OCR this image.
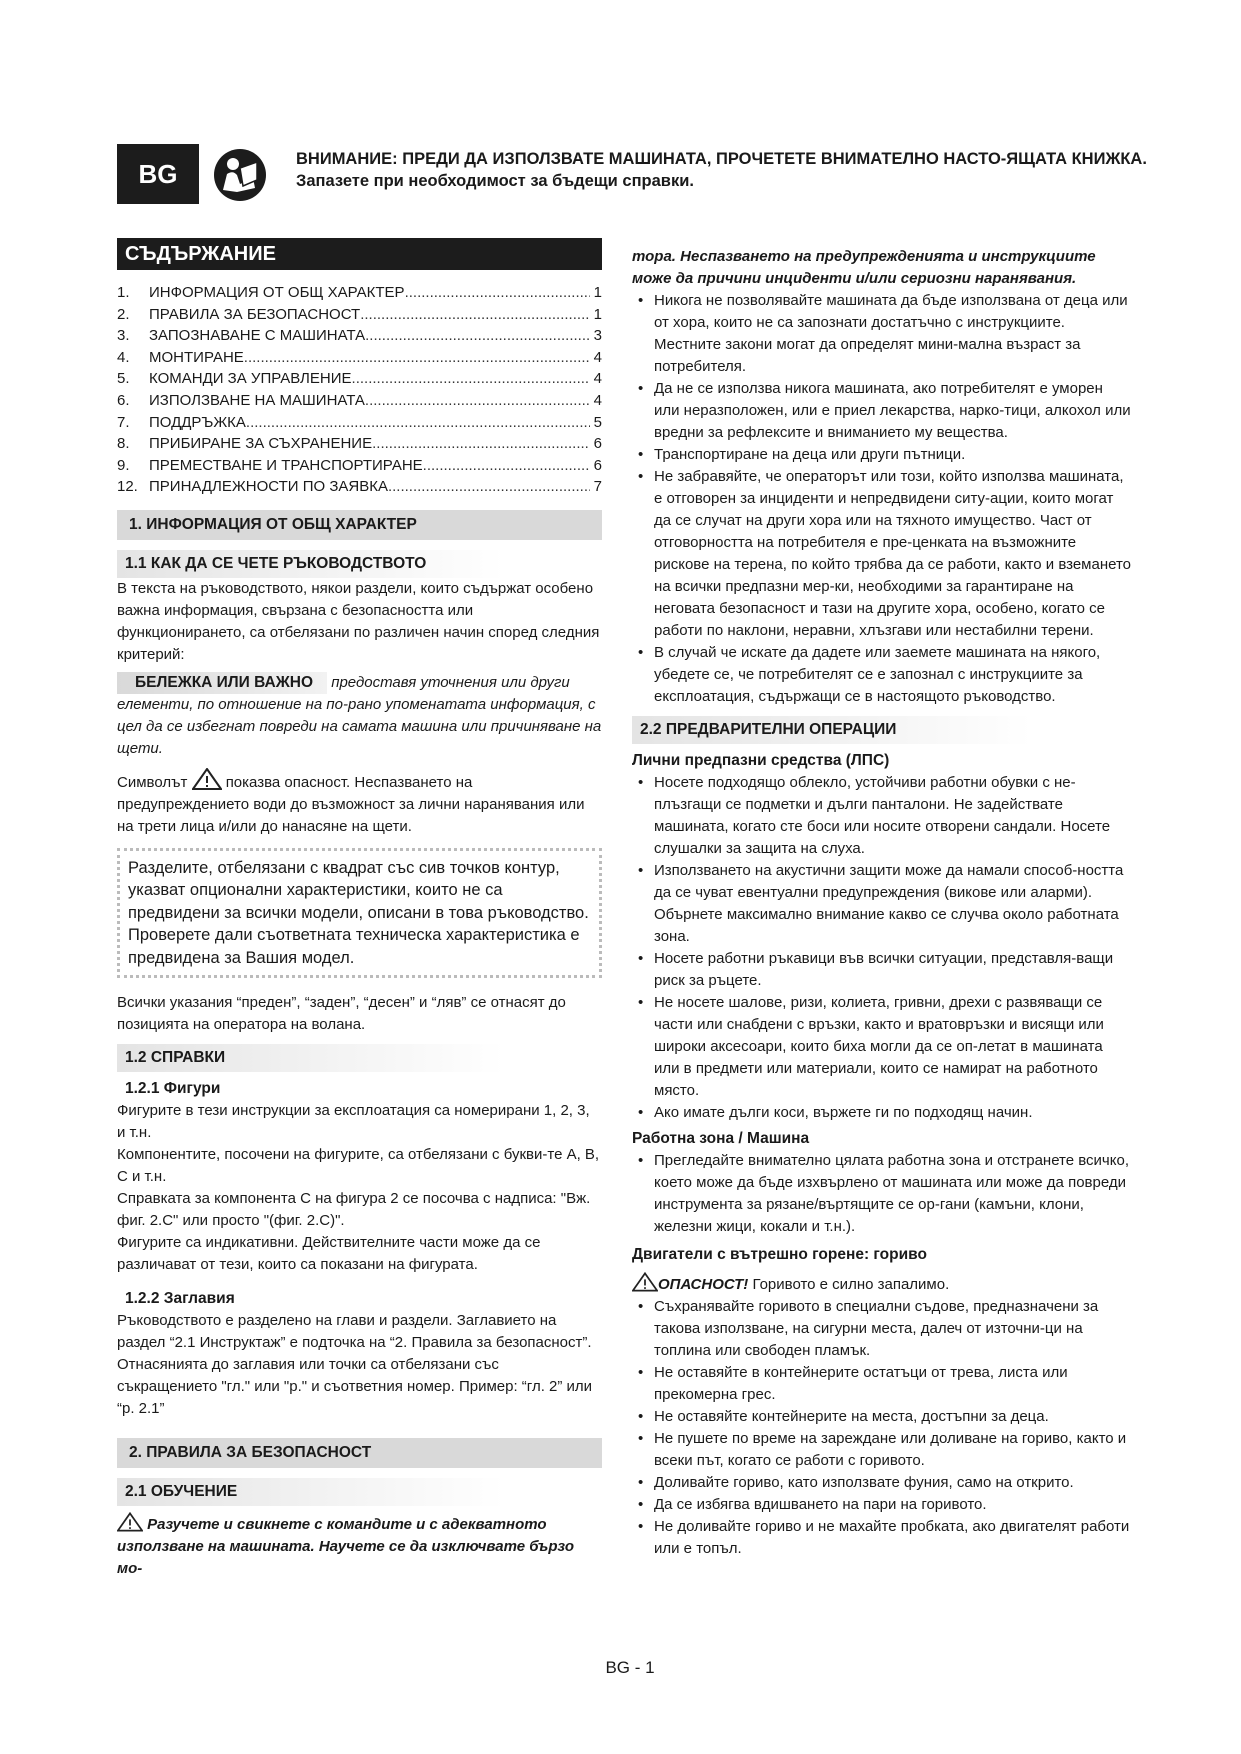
BG	ВНИМАНИЕ: ПРЕДИ ДА ИЗПОЛЗВАТЕ МАШИНАТА, ПРОЧЕТЕТЕ ВНИМАТЕЛНО НАСТО-ЯЩАТА КНИЖКА. Запазете при необходимост за бъдещи справки.
СЪДЪРЖАНИЕ
1.	ИНФОРМАЦИЯ ОТ ОБЩ ХАРАКТЕР .....	1
2.	ПРАВИЛА ЗА БЕЗОПАСНОСТ .....	1
3.	ЗАПОЗНАВАНЕ С МАШИНАТА .....	3
4.	МОНТИРАНЕ .....	4
5.	КОМАНДИ ЗА УПРАВЛЕНИЕ .....	4
6.	ИЗПОЛЗВАНЕ НА МАШИНАТА .....	4
7.	ПОДДРЪЖКА .....	5
8.	ПРИБИРАНЕ ЗА СЪХРАНЕНИЕ .....	6
9.	ПРЕМЕСТВАНЕ И ТРАНСПОРТИРАНЕ .....	6
12. ПРИНАДЛЕЖНОСТИ ПО ЗАЯВКА .....	7
1. ИНФОРМАЦИЯ ОТ ОБЩ ХАРАКТЕР
1.1 КАК ДА СЕ ЧЕТЕ РЪКОВОДСТВОТО

В текста на ръководството, някои раздели, които съдържат особено важна информация, свързана с безопасността или функционирането, са отбелязани по различен начин според следния критерий:

БЕЛЕЖКА ИЛИ ВАЖНО предоставя уточнения или други елементи, по отношение на по-рано упоменатата информация, с цел да се избегнат повреди на самата машина или причиняване на щети.

Символът	показва опасност. Неспазването на предупреждението води до възможност за лични наранявания или на трети лица и/или до нанасяне на щети.

Разделите, отбелязани с квадрат със сив точков контур, указват опционални характеристики, които не са предвидени за всички модели, описани в това ръководство. Проверете дали съответната техническа характеристика е предвидена за Вашия модел.

Всички указания “преден”, “заден”, “десен” и “ляв” се отнасят до позицията на оператора на волана.

1.2 СПРАВКИ
1.2.1 Фигури

Фигурите в тези инструкции за експлоатация са номерирани 1, 2, 3, и т.н.

Компонентите, посочени на фигурите, са отбелязани с букви-те А, В, С и т.н.

Справката за компонента С на фигура 2 се посочва с надписа: "Вж. фиг. 2.С" или просто "(фиг. 2.С)".

Фигурите са индикативни. Действителните части може да се различават от тези, които са показани на фигурата.

1.2.2 Заглавия

Ръководството е разделено на глави и раздели. Заглавието на раздел “2.1 Инструктаж” е подточка на “2. Правила за безопасност”. Отнасянията до заглавия или точки са отбелязани със съкращението "гл." или "р." и съответния номер. Пример: “гл. 2” или “р. 2.1”

2. ПРАВИЛА ЗА БЕЗОПАСНОСТ
2.1 ОБУЧЕНИЕ

Разучете и свикнете с командите и с адекватното използване на машината. Научете се да изключвате бързо мо-

BG - 1

тора. Неспазването на предупрежденията и инструкциите може да причини инциденти и/или сериозни наранявания.

• Никога не позволявайте машината да бъде използвана от деца или от хора, които не са запознати достатъчно с инструкциите. Местните закони могат да определят мини-мална възраст за потребителя.
• Да не се използва никога машината, ако потребителят е уморен или неразположен, или е приел лекарства, нарко-тици, алкохол или вредни за рефлексите и вниманието му вещества.
• Транспортиране на деца или други пътници.
• Не забравяйте, че операторът или този, който използва машината, е отговорен за инциденти и непредвидени ситу-ации, които могат да се случат на други хора или на тяхното имущество. Част от отговорността на потребителя е пре-ценката на възможните рискове на терена, по който трябва да се работи, както и вземането на всички предпазни мер-ки, необходими за гарантиране на неговата безопасност и тази на другите хора, особено, когато се работи по наклони, неравни, хлъзгави или нестабилни терени.
• В случай че искате да дадете или заемете машината на някого, убедете се, че потребителят се е запознал с инструкциите за експлоатация, съдържащи се в настоящото ръководство.
2.2 ПРЕДВАРИТЕЛНИ ОПЕРАЦИИ
Лични предпазни средства (ЛПС)
• Носете подходящо облекло, устойчиви работни обувки с не-плъзгащи се подметки и дълги панталони. Не задействате машината, когато сте боси или носите отворени сандали. Носете слушалки за защита на слуха.
• Използването на акустични защити може да намали способ-ността да се чуват евентуални предупреждения (викове или аларми). Обърнете максимално внимание какво се случва около работната зона.
• Носете работни ръкавици във всички ситуации, представля-ващи риск за ръцете.
• Не носете шалове, ризи, колиета, гривни, дрехи с развяващи се части или снабдени с връзки, както и вратовръзки и висящи или широки аксесоари, които биха могли да се оп-летат в машината или в предмети или материали, които се намират на работното място.
• Ако имате дълги коси, вържете ги по подходящ начин.
Работна зона / Машина
• Прегледайте внимателно цялата работна зона и отстранете всичко, което може да бъде изхвърлено от машината или може да повреди инструмента за рязане/въртящите се ор-гани (камъни, клони, железни жици, кокали и т.н.).
Двигатели с вътрешно горене: гориво

ОПАСНОСТ! Горивото е силно запалимо.

• Съхранявайте горивото в специални съдове, предназначени за такова използване, на сигурни места, далеч от източни-ци на топлина или свободен пламък.
• Не оставяйте в контейнерите остатъци от трева, листа или прекомерна грес.
• Не оставяйте контейнерите на места, достъпни за деца.
• Не пушете по време на зареждане или доливане на гориво, както и всеки път, когато се работи с горивото.
• Доливайте гориво, като използвате фуния, само на открито.
• Да се избягва вдишването на пари на горивото.
• Не доливайте гориво и не махайте пробката, ако двигателят работи или е топъл.
